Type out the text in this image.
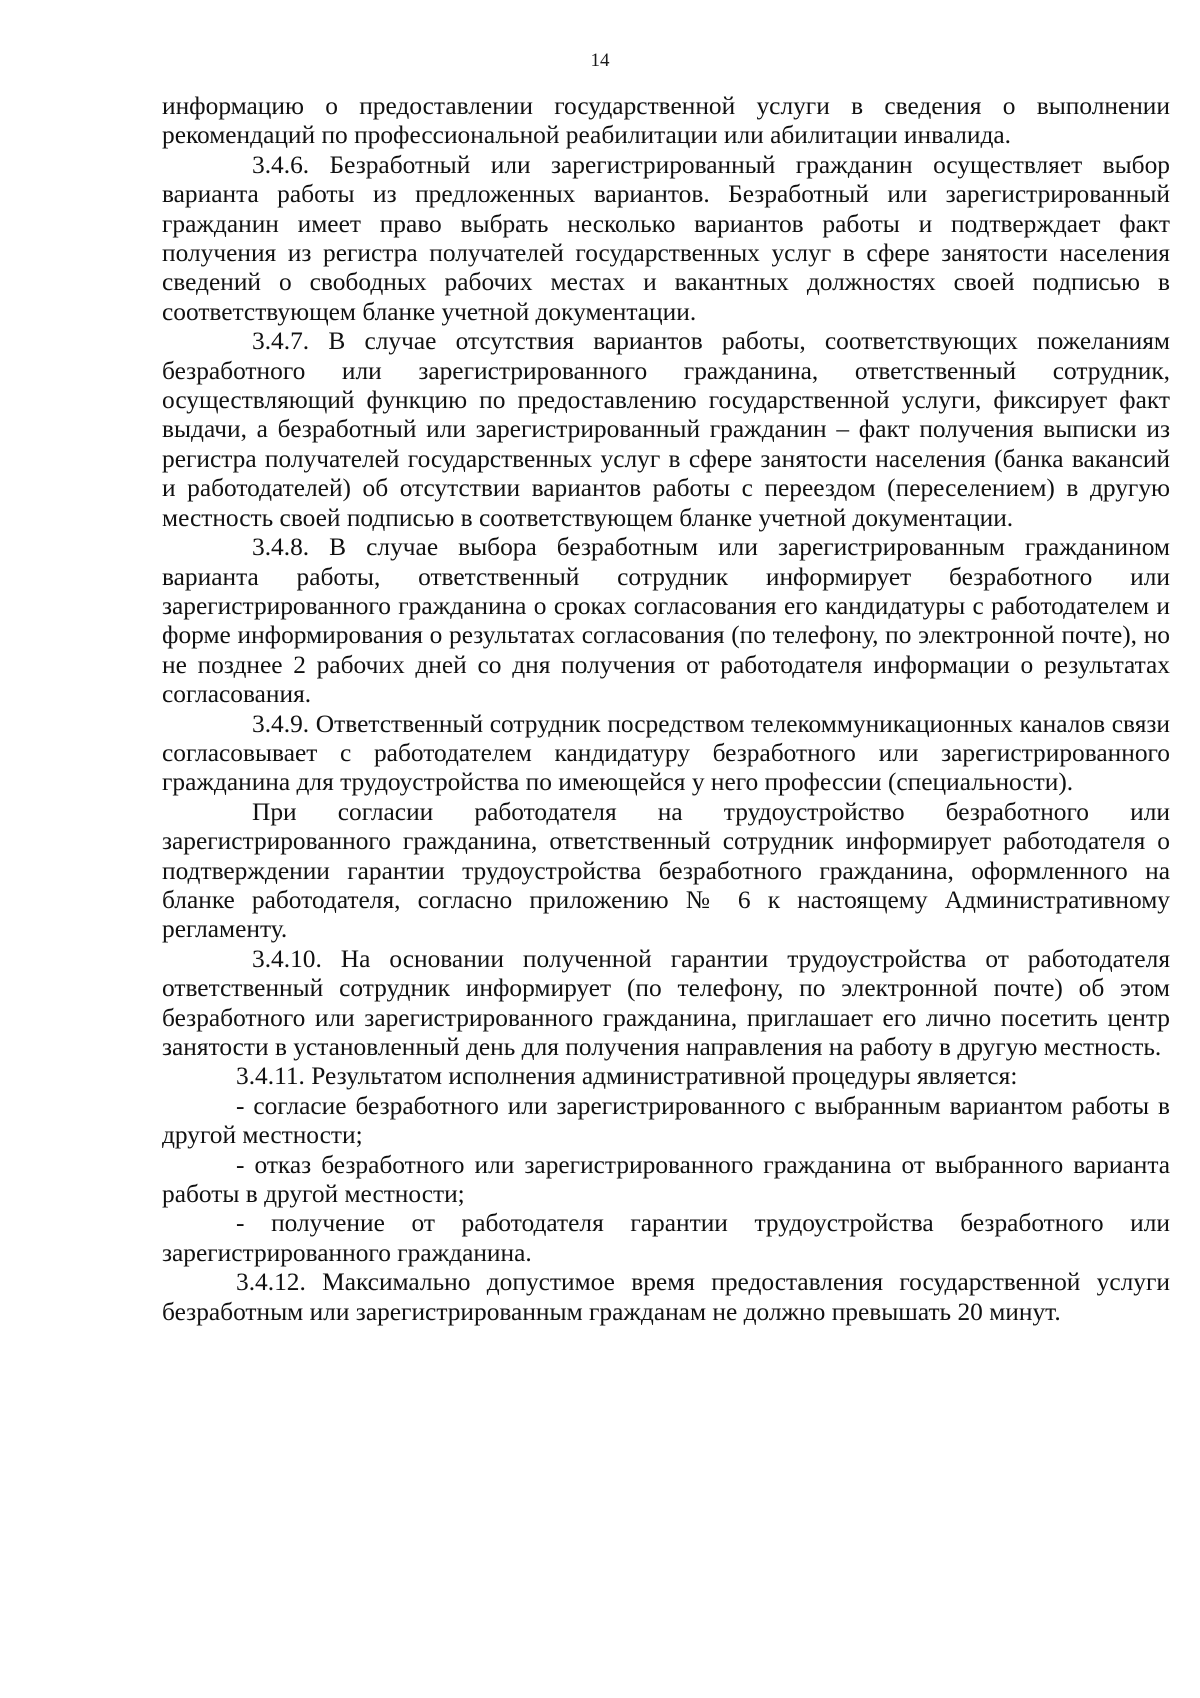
14

информацию о предоставлении государственной услуги в сведения о выполнении рекомендаций по профессиональной реабилитации или абилитации инвалида.

3.4.6. Безработный или зарегистрированный гражданин осуществляет выбор варианта работы из предложенных вариантов. Безработный или зарегистрированный гражданин имеет право выбрать несколько вариантов работы и подтверждает факт получения из регистра получателей государственных услуг в сфере занятости населения сведений о свободных рабочих местах и вакантных должностях своей подписью в соответствующем бланке учетной документации.

3.4.7. В случае отсутствия вариантов работы, соответствующих пожеланиям безработного или зарегистрированного гражданина, ответственный сотрудник, осуществляющий функцию по предоставлению государственной услуги, фиксирует факт выдачи, а безработный или зарегистрированный гражданин – факт получения выписки из регистра получателей государственных услуг в сфере занятости населения (банка вакансий и работодателей) об отсутствии вариантов работы с переездом (переселением) в другую местность своей подписью в соответствующем бланке учетной документации.

3.4.8. В случае выбора безработным или зарегистрированным гражданином варианта работы, ответственный сотрудник информирует безработного или зарегистрированного гражданина о сроках согласования его кандидатуры с работодателем и форме информирования о результатах согласования (по телефону, по электронной почте), но не позднее 2 рабочих дней со дня получения от работодателя информации о результатах согласования.

3.4.9. Ответственный сотрудник посредством телекоммуникационных каналов связи согласовывает с работодателем кандидатуру безработного или зарегистрированного гражданина для трудоустройства по имеющейся у него профессии (специальности).

При согласии работодателя на трудоустройство безработного или зарегистрированного гражданина, ответственный сотрудник информирует работодателя о подтверждении гарантии трудоустройства безработного гражданина, оформленного на бланке работодателя, согласно приложению № 6 к настоящему Административному регламенту.

3.4.10. На основании полученной гарантии трудоустройства от работодателя ответственный сотрудник информирует (по телефону, по электронной почте) об этом безработного или зарегистрированного гражданина, приглашает его лично посетить центр занятости в установленный день для получения направления на работу в другую местность.

3.4.11. Результатом исполнения административной процедуры является:

- согласие безработного или зарегистрированного с выбранным вариантом работы в другой местности;

- отказ безработного или зарегистрированного гражданина от выбранного варианта работы в другой местности;

- получение от работодателя гарантии трудоустройства безработного или зарегистрированного гражданина.

3.4.12. Максимально допустимое время предоставления государственной услуги безработным или зарегистрированным гражданам не должно превышать 20 минут.
